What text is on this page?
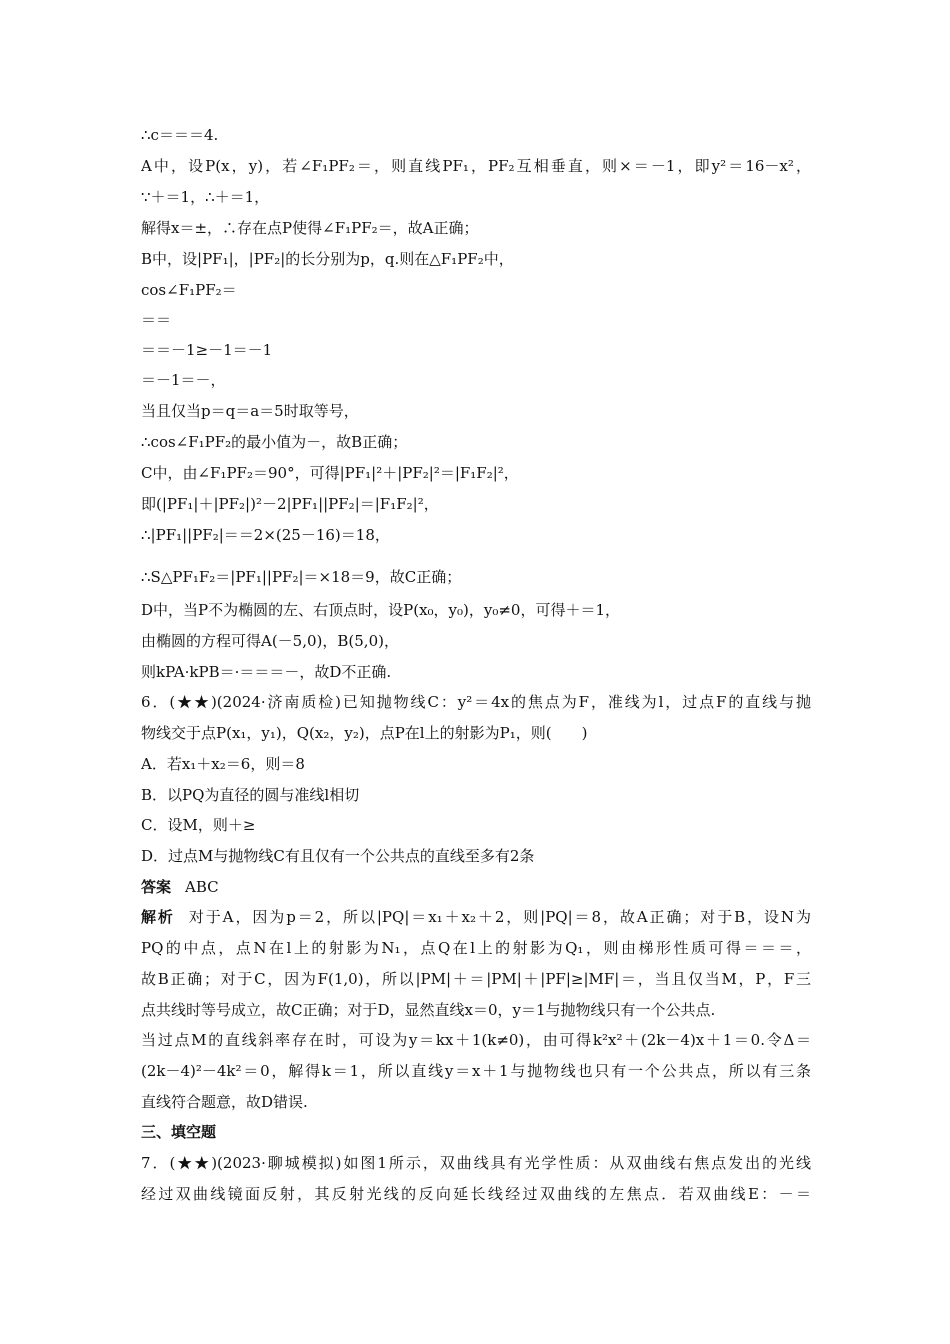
∴c＝＝＝4.
A中，设P(x，y)，若∠F₁PF₂＝，则直线PF₁，PF₂互相垂直，则×＝－1，即y²＝16－x²，
∵＋＝1，∴＋＝1，
解得x＝±，∴存在点P使得∠F₁PF₂＝，故A正确；
B中，设|PF₁|，|PF₂|的长分别为p，q.则在△F₁PF₂中，
cos∠F₁PF₂＝
＝＝
＝＝－1≥－1＝－1
＝－1＝－，
当且仅当p＝q＝a＝5时取等号，
∴cos∠F₁PF₂的最小值为－，故B正确；
C中，由∠F₁PF₂＝90°，可得|PF₁|²＋|PF₂|²＝|F₁F₂|²，
即(|PF₁|＋|PF₂|)²－2|PF₁||PF₂|＝|F₁F₂|²，
∴|PF₁||PF₂|＝＝2×(25－16)＝18，
∴S△PF₁F₂＝|PF₁||PF₂|＝×18＝9，故C正确；
D中，当P不为椭圆的左、右顶点时，设P(x₀，y₀)，y₀≠0，可得＋＝1，
由椭圆的方程可得A(－5,0)，B(5,0)，
则kPA·kPB＝·＝＝＝－，故D不正确.
6．(★★)(2024·济南质检)已知抛物线C：y²＝4x的焦点为F，准线为l，过点F的直线与抛
物线交于点P(x₁，y₁)，Q(x₂，y₂)，点P在l上的射影为P₁，则(　　)
A．若x₁＋x₂＝6，则＝8
B．以PQ为直径的圆与准线l相切
C．设M，则＋≥
D．过点M与抛物线C有且仅有一个公共点的直线至多有2条
答案 ABC
解析 对于A，因为p＝2，所以|PQ|＝x₁＋x₂＋2，则|PQ|＝8，故A正确；对于B，设N为
PQ的中点，点N在l上的射影为N₁，点Q在l上的射影为Q₁，则由梯形性质可得＝＝＝，
故B正确；对于C，因为F(1,0)，所以|PM|＋＝|PM|＋|PF|≥|MF|＝，当且仅当M，P，F三
点共线时等号成立，故C正确；对于D，显然直线x＝0，y＝1与抛物线只有一个公共点.
当过点M的直线斜率存在时，可设为y＝kx＋1(k≠0)，由可得k²x²＋(2k－4)x＋1＝0.令Δ＝
(2k－4)²－4k²＝0，解得k＝1，所以直线y＝x＋1与抛物线也只有一个公共点，所以有三条
直线符合题意，故D错误.
三、填空题
7．(★★)(2023·聊城模拟)如图1所示，双曲线具有光学性质：从双曲线右焦点发出的光线
经过双曲线镜面反射，其反射光线的反向延长线经过双曲线的左焦点．若双曲线E：－＝
